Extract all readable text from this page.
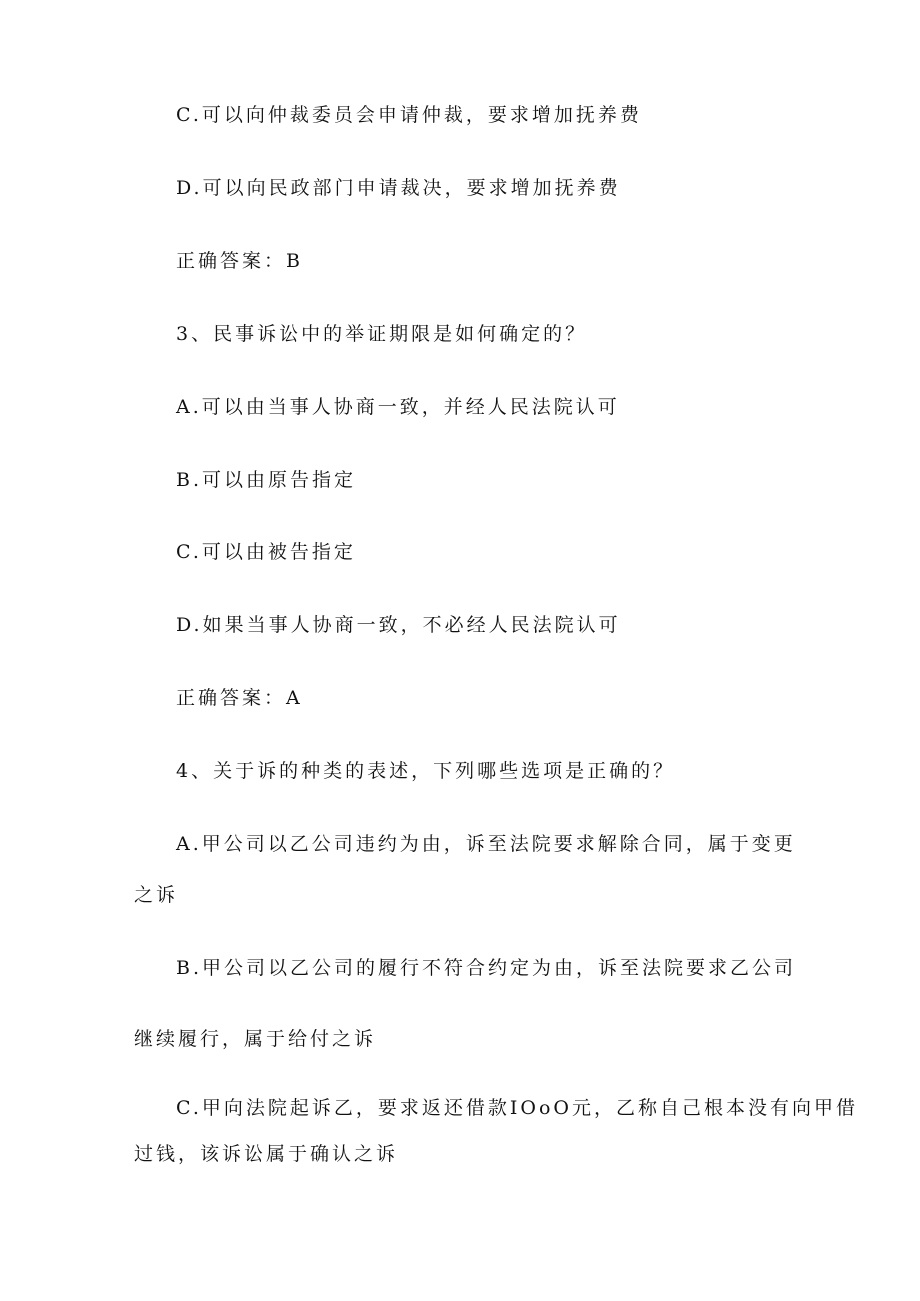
C.可以向仲裁委员会申请仲裁，要求增加抚养费
D.可以向民政部门申请裁决，要求增加抚养费
正确答案：B
3、民事诉讼中的举证期限是如何确定的？
A.可以由当事人协商一致，并经人民法院认可
B.可以由原告指定
C.可以由被告指定
D.如果当事人协商一致，不必经人民法院认可
正确答案：A
4、关于诉的种类的表述，下列哪些选项是正确的？
A.甲公司以乙公司违约为由，诉至法院要求解除合同，属于变更
之诉
B.甲公司以乙公司的履行不符合约定为由，诉至法院要求乙公司
继续履行，属于给付之诉
C.甲向法院起诉乙，要求返还借款IOoO元，乙称自己根本没有向甲借
过钱，该诉讼属于确认之诉
